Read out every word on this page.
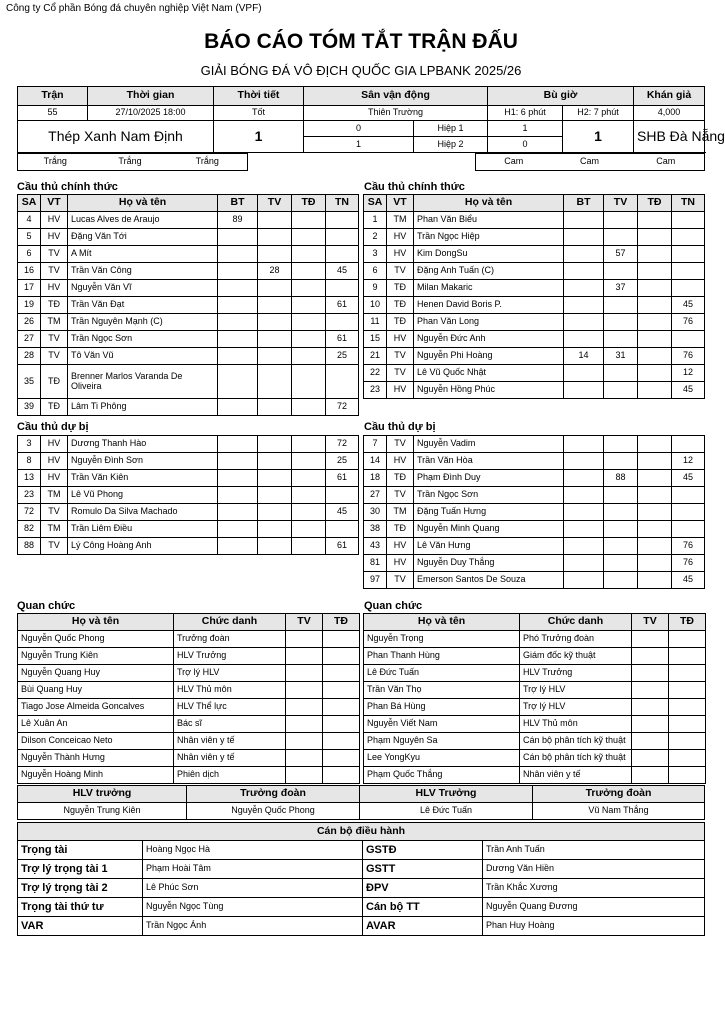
Công ty Cổ phần Bóng đá chuyên nghiệp Việt Nam (VPF)
BÁO CÁO TÓM TẮT TRẬN ĐẤU
GIẢI BÓNG ĐÁ VÔ ĐỊCH QUỐC GIA LPBANK 2025/26
Trận	Thời gian	Thời tiết	Sân vận động		Bù giờ		Khán giả
55	27/10/2025 18:00	Tốt	Thiên Trường		H1: 6 phút	H2: 7 phút	4,000
Thép Xanh Nam Định		1	0	Hiệp 1	1	1	SHB Đà Nẵng
			1	Hiệp 2	0		
Trắng	Trắng	Trắng		Cam	Cam	Cam
Cầu thủ chính thức	Cầu thủ chính thức
SA	VT	Họ và tên	BT	TV	TĐ	TN
4	HV	Lucas Alves de Araujo	89			
5	HV	Đặng Văn Tới				
6	TV	A Mít				
16	TV	Trần Văn Công		28		45
17	HV	Nguyễn Văn Vĩ				
19	TĐ	Trần Văn Đạt				61
26	TM	Trần Nguyên Mạnh (C)				
27	TV	Trần Ngọc Sơn				61
28	TV	Tô Văn Vũ				25
35	TĐ	Brenner Marlos Varanda De Oliveira				
39	TĐ	Lâm Ti Phông				72
SA	VT	Họ và tên	BT	TV	TĐ	TN
1	TM	Phan Văn Biểu				
2	HV	Trần Ngọc Hiệp				
3	HV	Kim DongSu		57		
6	TV	Đặng Anh Tuấn (C)				
9	TĐ	Milan Makaric		37		
10	TĐ	Henen David Boris P.				45
11	TĐ	Phan Văn Long				76
15	HV	Nguyễn Đức Anh				
21	TV	Nguyễn Phi Hoàng	14	31		76
22	TV	Lê Vũ Quốc Nhật				12
23	HV	Nguyễn Hồng Phúc				45
Cầu thủ dự bị	Cầu thủ dự bị
3	HV	Dương Thanh Hào				72
8	HV	Nguyễn Đình Sơn				25
13	HV	Trần Văn Kiên				61
23	TM	Lê Vũ Phong				
72	TV	Romulo Da Silva Machado				45
82	TM	Trần Liêm Điều				
88	TV	Lý Công Hoàng Anh				61
7	TV	Nguyễn Vadim				
14	HV	Trần Văn Hòa				12
18	TĐ	Phạm Đình Duy		88		45
27	TV	Trần Ngọc Sơn				
30	TM	Đặng Tuấn Hưng				
38	TĐ	Nguyễn Minh Quang				
43	HV	Lê Văn Hưng				76
81	HV	Nguyễn Duy Thắng				76
97	TV	Emerson Santos De Souza				45
Quan chức	Quan chức
Họ và tên	Chức danh	TV	TĐ
Nguyễn Quốc Phong	Trưởng đoàn		
Nguyễn Trung Kiên	HLV Trưởng		
Nguyễn Quang Huy	Trợ lý HLV		
Bùi Quang Huy	HLV Thủ môn		
Tiago Jose Almeida Goncalves	HLV Thể lực		
Lê Xuân An	Bác sĩ		
Dilson Conceicao Neto	Nhân viên y tế		
Nguyễn Thành Hưng	Nhân viên y tế		
Nguyễn Hoàng Minh	Phiên dịch		
Họ và tên	Chức danh	TV	TĐ
Nguyễn Trọng	Phó Trưởng đoàn		
Phan Thanh Hùng	Giám đốc kỹ thuật		
Lê Đức Tuấn	HLV Trưởng		
Trần Văn Thọ	Trợ lý HLV		
Phan Bá Hùng	Trợ lý HLV		
Nguyễn Viết Nam	HLV Thủ môn		
Phạm Nguyên Sa	Cán bộ phân tích kỹ thuật		
Lee YongKyu	Cán bộ phân tích kỹ thuật		
Phạm Quốc Thắng	Nhân viên y tế		
HLV trưởng	Trưởng đoàn	HLV Trưởng	Trưởng đoàn
Nguyễn Trung Kiên	Nguyễn Quốc Phong	Lê Đức Tuấn	Vũ Nam Thắng
Cán bộ điều hành			
Trọng tài	Hoàng Ngọc Hà	GSTĐ	Trần Anh Tuấn
Trợ lý trọng tài 1	Phạm Hoài Tâm	GSTT	Dương Văn Hiền
Trợ lý trọng tài 2	Lê Phúc Sơn	ĐPV	Trần Khắc Xương
Trọng tài thứ tư	Nguyễn Ngọc Tùng	Cán bộ TT	Nguyễn Quang Đương
VAR	Trần Ngọc Ánh	AVAR	Phan Huy Hoàng
